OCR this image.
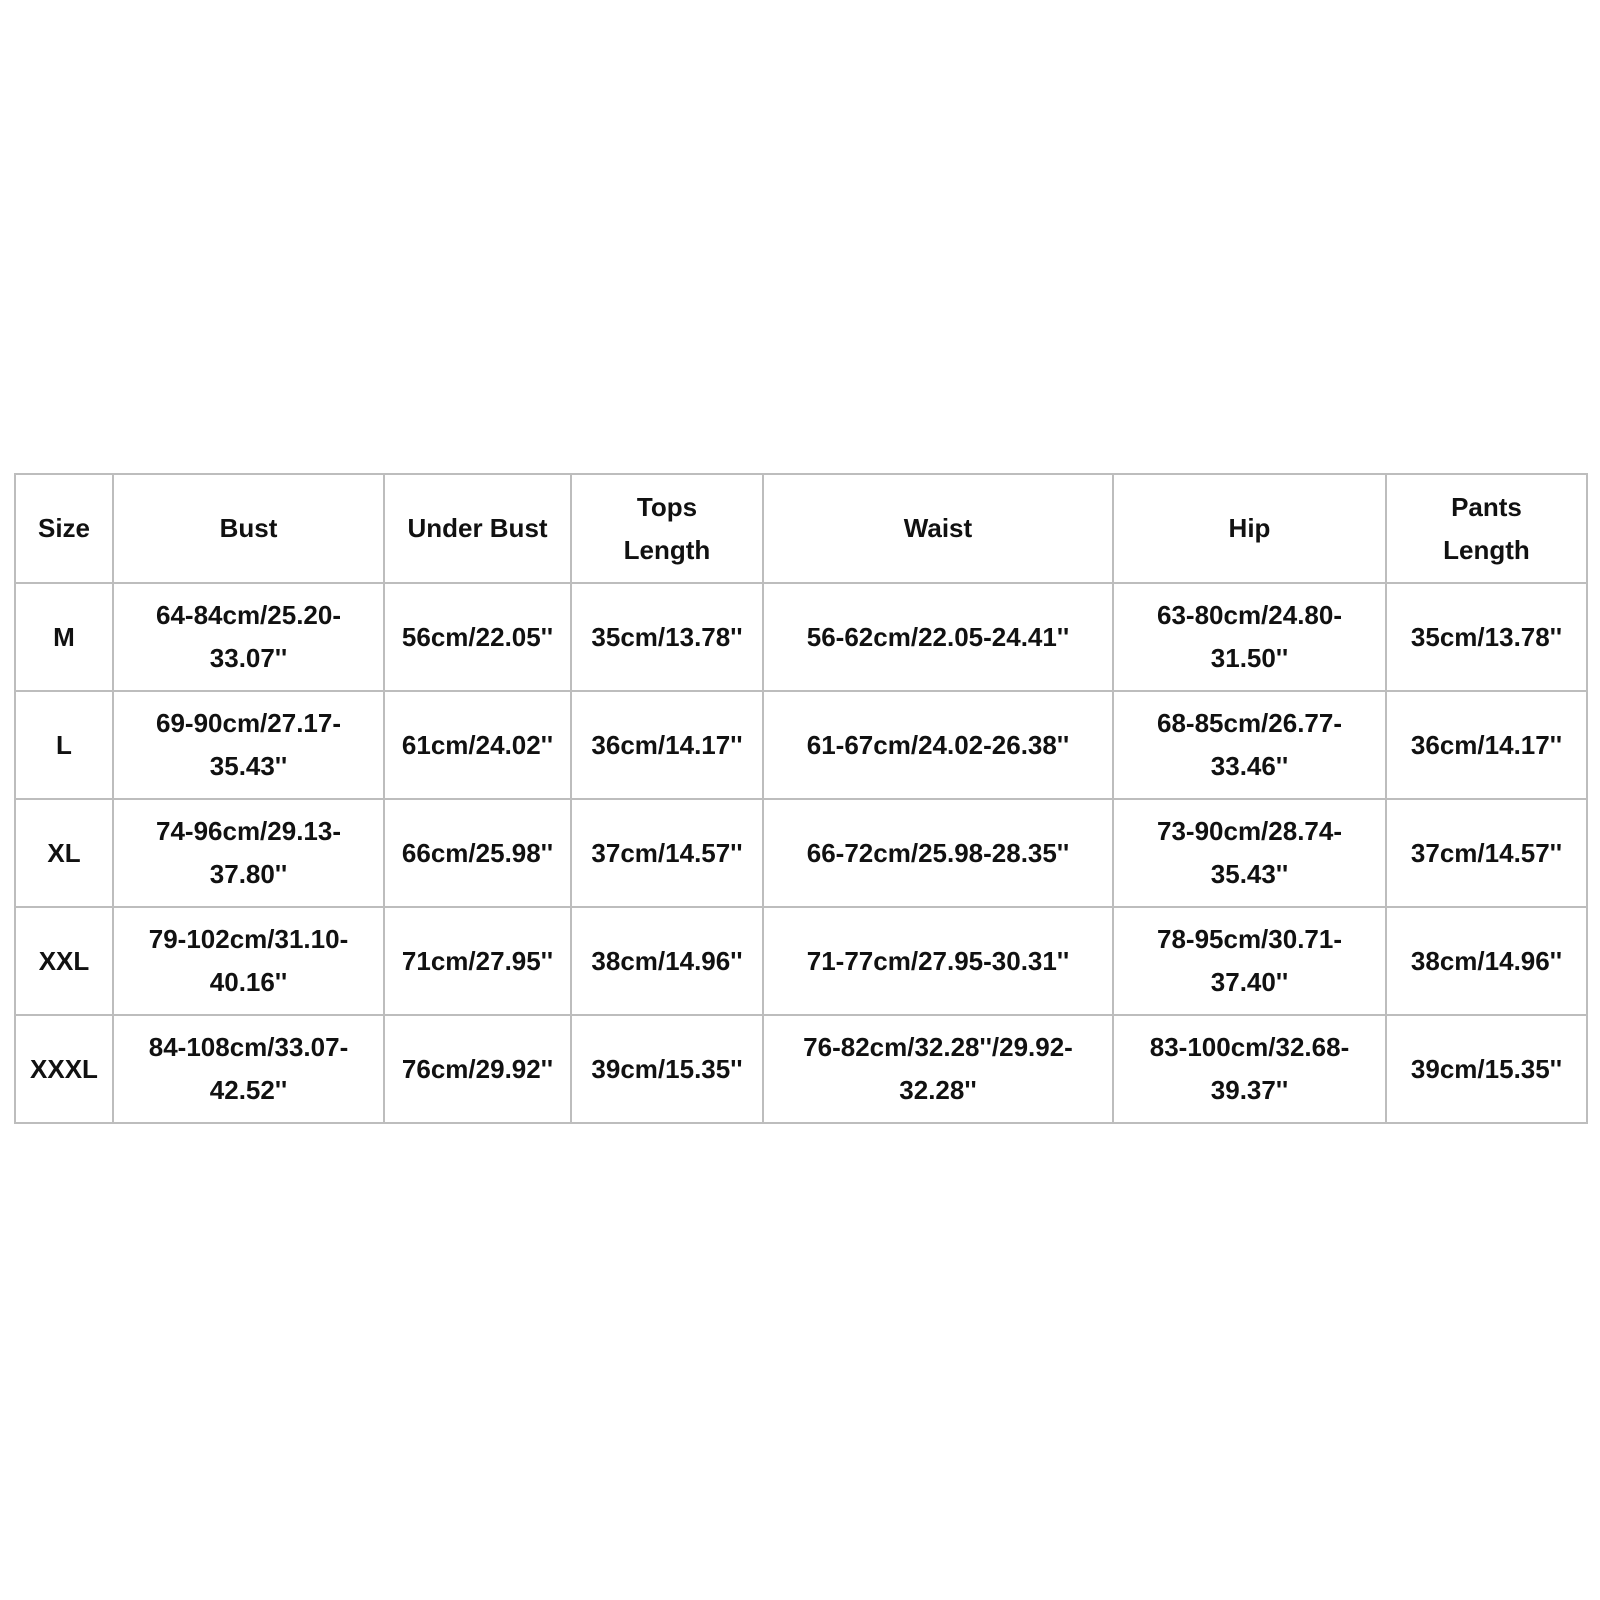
Size	Bust	Under Bust	Tops Length	Waist	Hip	Pants Length
M	64-84cm/25.20-33.07''	56cm/22.05''	35cm/13.78''	56-62cm/22.05-24.41''	63-80cm/24.80-31.50''	35cm/13.78''
L	69-90cm/27.17-35.43''	61cm/24.02''	36cm/14.17''	61-67cm/24.02-26.38''	68-85cm/26.77-33.46''	36cm/14.17''
XL	74-96cm/29.13-37.80''	66cm/25.98''	37cm/14.57''	66-72cm/25.98-28.35''	73-90cm/28.74-35.43''	37cm/14.57''
XXL	79-102cm/31.10-40.16''	71cm/27.95''	38cm/14.96''	71-77cm/27.95-30.31''	78-95cm/30.71-37.40''	38cm/14.96''
XXXL	84-108cm/33.07-42.52''	76cm/29.92''	39cm/15.35''	76-82cm/32.28''/29.92-32.28''	83-100cm/32.68-39.37''	39cm/15.35''
